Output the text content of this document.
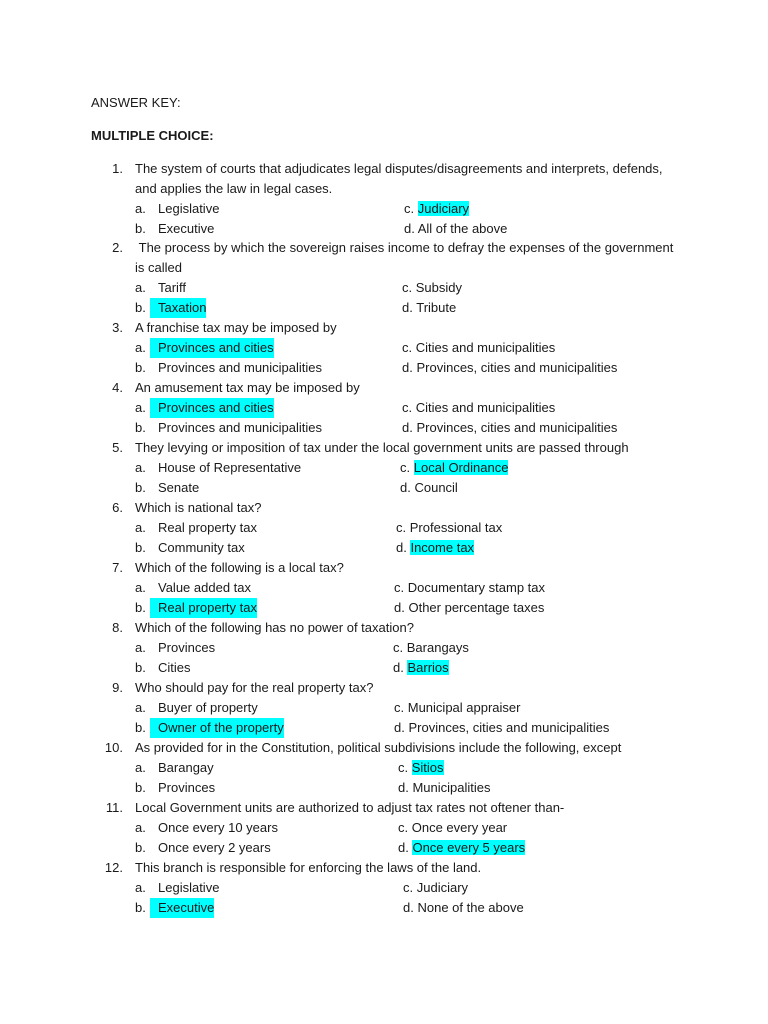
ANSWER KEY:
MULTIPLE CHOICE:
1. The system of courts that adjudicates legal disputes/disagreements and interprets, defends, and applies the law in legal cases.
a. Legislative	c. Judiciary
b. Executive	d. All of the above
2. The process by which the sovereign raises income to defray the expenses of the government is called
a. Tariff	c. Subsidy
b. Taxation	d. Tribute
3. A franchise tax may be imposed by
a. Provinces and cities	c. Cities and municipalities
b. Provinces and municipalities	d. Provinces, cities and municipalities
4. An amusement tax may be imposed by
a. Provinces and cities	c. Cities and municipalities
b. Provinces and municipalities	d. Provinces, cities and municipalities
5. They levying or imposition of tax under the local government units are passed through
a. House of Representative	c. Local Ordinance
b. Senate	d. Council
6. Which is national tax?
a. Real property tax	c. Professional tax
b. Community tax	d. Income tax
7. Which of the following is a local tax?
a. Value added tax	c. Documentary stamp tax
b. Real property tax	d. Other percentage taxes
8. Which of the following has no power of taxation?
a. Provinces	c. Barangays
b. Cities	d. Barrios
9. Who should pay for the real property tax?
a. Buyer of property	c. Municipal appraiser
b. Owner of the property	d. Provinces, cities and municipalities
10. As provided for in the Constitution, political subdivisions include the following, except
a. Barangay	c. Sitios
b. Provinces	d. Municipalities
11. Local Government units are authorized to adjust tax rates not oftener than-
a. Once every 10 years	c. Once every year
b. Once every 2 years	d. Once every 5 years
12. This branch is responsible for enforcing the laws of the land.
a. Legislative	c. Judiciary
b. Executive	d. None of the above
